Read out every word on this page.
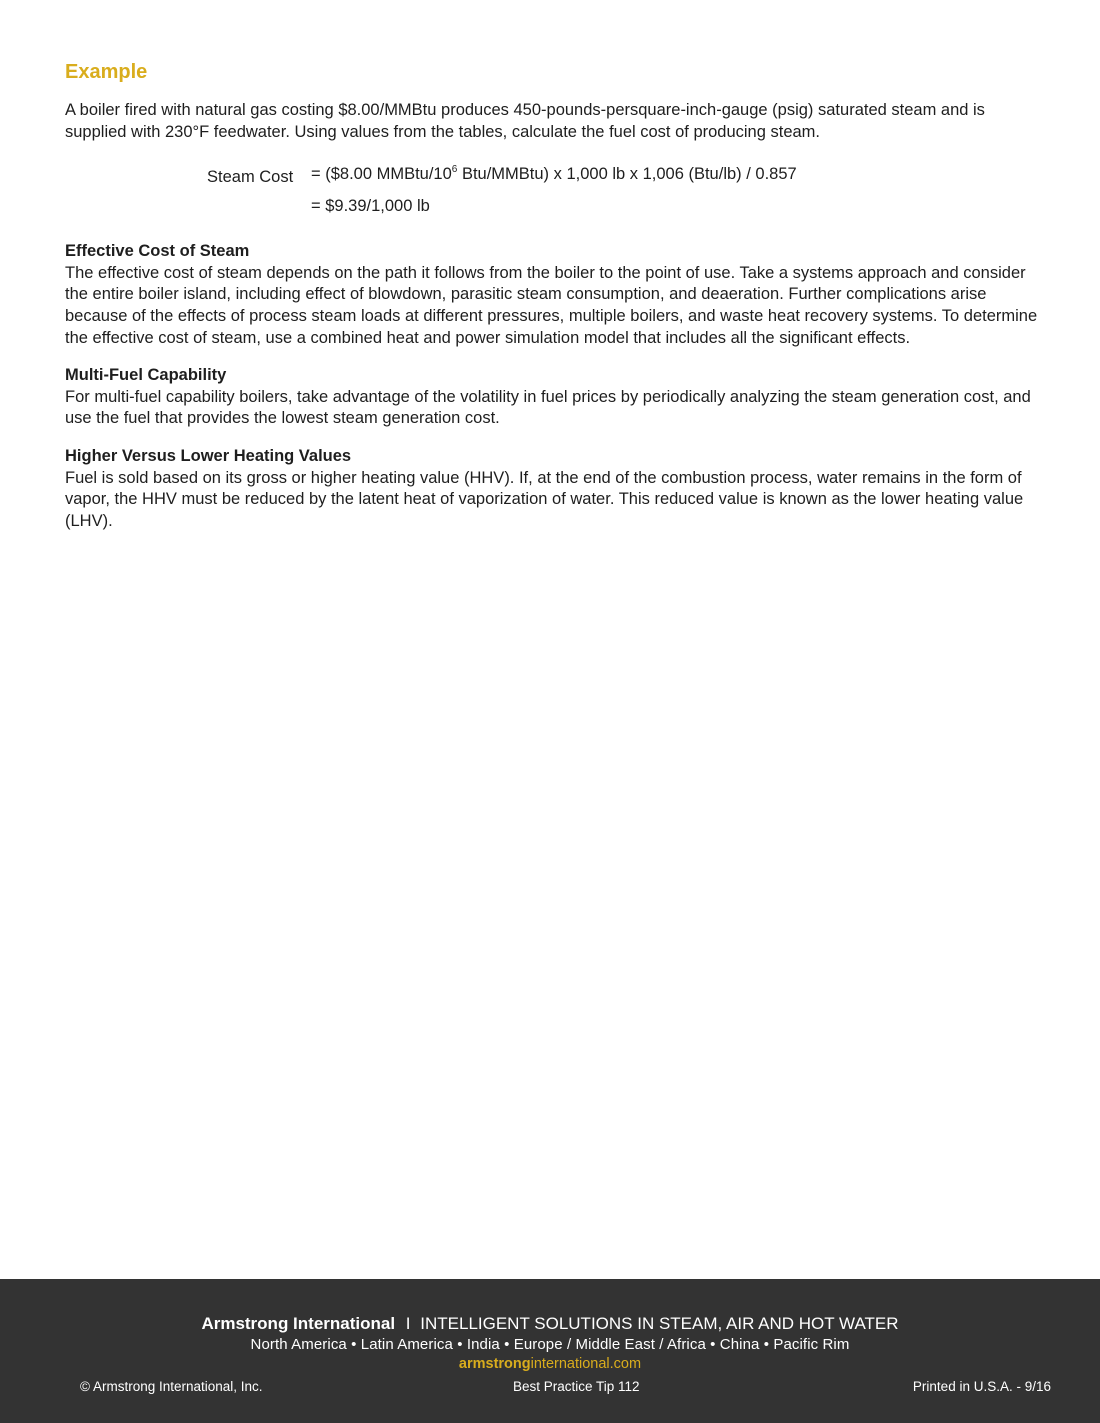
Example

A boiler fired with natural gas costing $8.00/MMBtu produces 450-pounds-persquare-inch-gauge (psig) saturated steam and is supplied with 230°F feedwater. Using values from the tables, calculate the fuel cost of producing steam.

Steam Cost = ($8.00 MMBtu/$10^6$ Btu/MMBtu) x 1,000 lb x 1,006 (Btu/lb) / 0.857
= $9.39/1,000 lb
Effective Cost of Steam

The effective cost of steam depends on the path it follows from the boiler to the point of use. Take a systems approach and consider the entire boiler island, including effect of blowdown, parasitic steam consumption, and deaeration. Further complications arise because of the effects of process steam loads at different pressures, multiple boilers, and waste heat recovery systems. To determine the effective cost of steam, use a combined heat and power simulation model that includes all the significant effects.

Multi-Fuel Capability

For multi-fuel capability boilers, take advantage of the volatility in fuel prices by periodically analyzing the steam generation cost, and use the fuel that provides the lowest steam generation cost.

Higher Versus Lower Heating Values

Fuel is sold based on its gross or higher heating value (HHV). If, at the end of the combustion process, water remains in the form of vapor, the HHV must be reduced by the latent heat of vaporization of water. This reduced value is known as the lower heating value (LHV).

Armstrong International I INTELLIGENT SOLUTIONS IN STEAM, AIR AND HOT WATER
North America • Latin America • India • Europe / Middle East / Africa • China • Pacific Rim
armstronginternational.com
© Armstrong International, Inc.	Best Practice Tip 112	Printed in U.S.A. - 9/16
